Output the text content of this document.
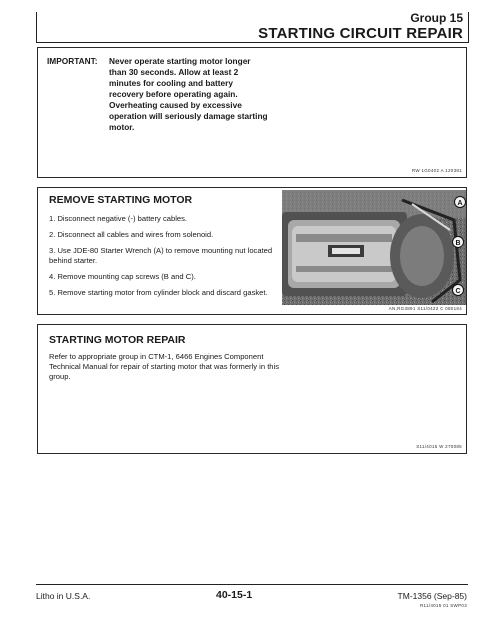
Group 15
STARTING CIRCUIT REPAIR
IMPORTANT: Never operate starting motor longer than 30 seconds. Allow at least 2 minutes for cooling and battery recovery before operating again. Overheating caused by excessive operation will seriously damage starting motor.

RW 1G0402 A 120381
REMOVE STARTING MOTOR

1. Disconnect negative (-) battery cables.

2. Disconnect all cables and wires from solenoid.

3. Use JDE-80 Starter Wrench (A) to remove mounting nut located behind starter.

4. Remove mounting cap screws (B and C).

5. Remove starting motor from cylinder block and discard gasket.

A
B
C
AN,RG3891 S11/0422 C 080184
STARTING MOTOR REPAIR

Refer to appropriate group in CTM-1, 6466 Engines Component Technical Manual for repair of starting motor that was formerly in this group.

S11/4015 W 270085
Litho in U.S.A.	40-15-1	TM-1356 (Sep-85)
R11/4015 01 SWP03
